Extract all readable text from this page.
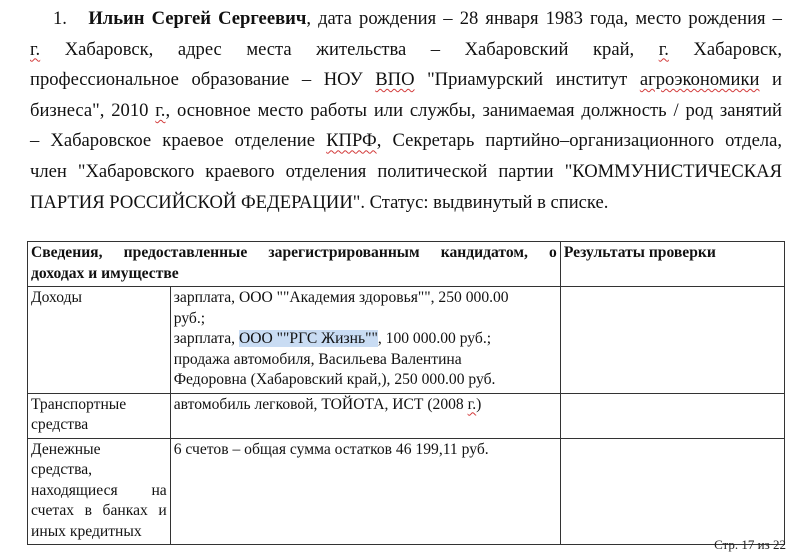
1. Ильин Сергей Сергеевич, дата рождения – 28 января 1983 года, место рождения –
г. Хабаровск, адрес места жительства – Хабаровский край, г. Хабаровск,
профессиональное образование – НОУ ВПО "Приамурский институт агроэкономики и
бизнеса", 2010 г., основное место работы или службы, занимаемая должность / род занятий
– Хабаровское краевое отделение КПРФ, Секретарь партийно–организационного отдела,
член "Хабаровского краевого отделения политической партии "КОММУНИСТИЧЕСКАЯ
ПАРТИЯ РОССИЙСКОЙ ФЕДЕРАЦИИ". Статус: выдвинутый в списке.
Сведения, предоставленные зарегистрированным кандидатом, о
доходах и имуществе		Результаты проверки
Доходы	зарплата, ООО ""Академия здоровья"", 250 000.00
руб.;
зарплата, ООО ""РГС Жизнь"", 100 000.00 руб.;
продажа автомобиля, Васильева Валентина
Федоровна (Хабаровский край,), 250 000.00 руб.	

Транспортные
средства	автомобиль легковой, ТОЙОТА, ИСТ (2008 г.)	

Денежные
средства,
находящиеся на
счетах в банках и
иных кредитных	6 счетов – общая сумма остатков 46 199,11 руб.	
Стр. 17 из 22
